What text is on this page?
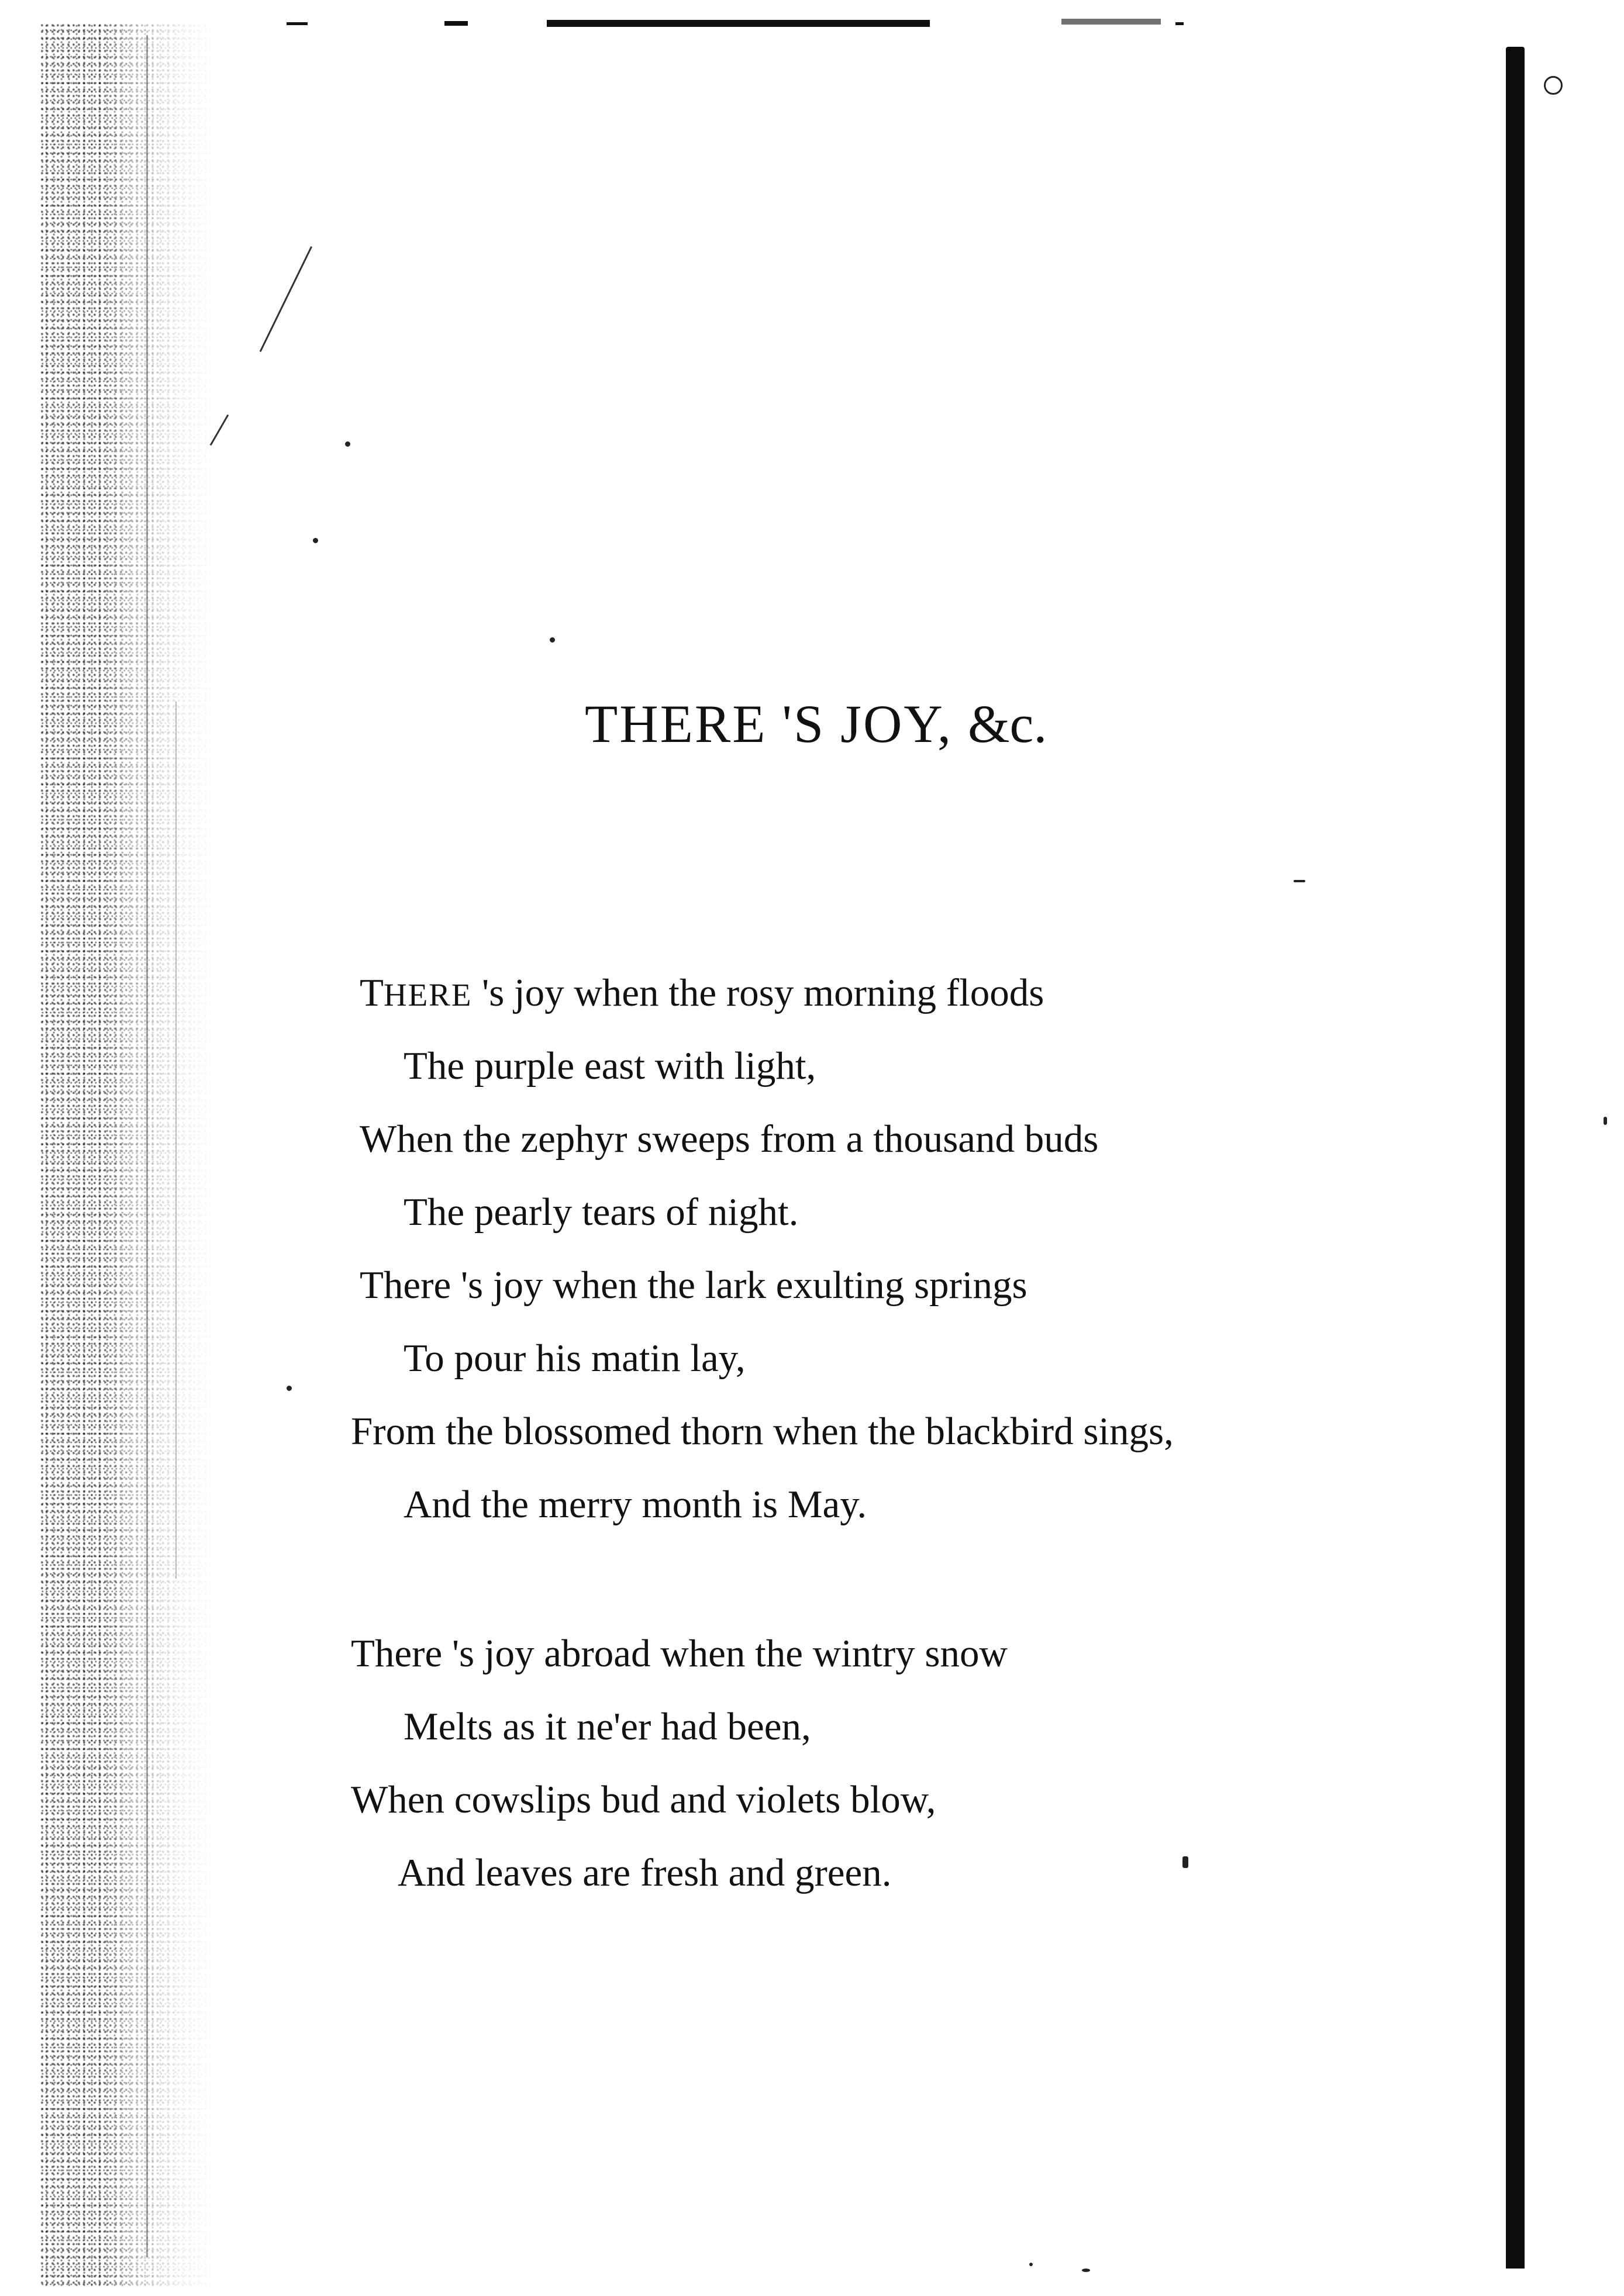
THERE 'S JOY, &c.
THERE 's joy when the rosy morning floods
The purple east with light,
When the zephyr sweeps from a thousand buds
The pearly tears of night.
There 's joy when the lark exulting springs
To pour his matin lay,
From the blossomed thorn when the blackbird sings,
And the merry month is May.
There 's joy abroad when the wintry snow
Melts as it ne'er had been,
When cowslips bud and violets blow,
And leaves are fresh and green.
